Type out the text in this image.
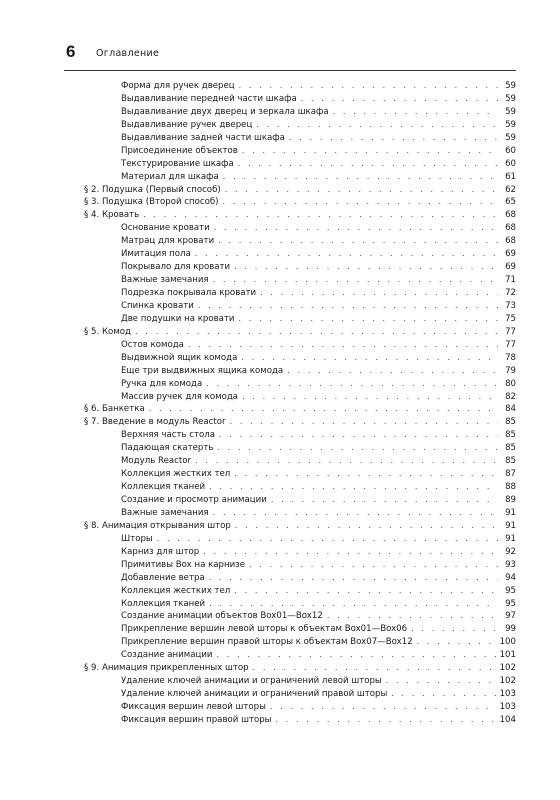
6 Оглавление
Форма для ручек дверец . . .	59
Выдавливание передней части шкафа . . .	59
Выдавливание двух дверец и зеркала шкафа . . .	59
Выдавливание ручек дверец . . .	59
Выдавливание задней части шкафа . . .	59
Присоединение объектов . . .	60
Текстурирование шкафа . . .	60
Материал для шкафа . . .	61
§ 2. Подушка (Первый способ) . . .	62
§ 3. Подушка (Второй способ) . . .	65
§ 4. Кровать . . .	68
Основание кровати . . .	68
Матрац для кровати . . .	68
Имитация пола . . .	69
Покрывало для кровати . . .	69
Важные замечания . . .	71
Подрезка покрывала кровати . . .	72
Спинка кровати . . .	73
Две подушки на кровати . . .	75
§ 5. Комод . . .	77
Остов комода . . .	77
Выдвижной ящик комода . . .	78
Еще три выдвижных ящика комода . . .	79
Ручка для комода . . .	80
Массив ручек для комода . . .	82
§ 6. Банкетка . . .	84
§ 7. Введение в модуль Reactor . . .	85
Верхняя часть стола . . .	85
Падающая скатерть . . .	85
Модуль Reactor . . .	85
Коллекция жестких тел . . .	87
Коллекция тканей . . .	88
Создание и просмотр анимации . . .	89
Важные замечания . . .	91
§ 8. Анимация открывания штор . . .	91
Шторы . . .	91
Карниз для штор . . .	92
Примитивы Box на карнизе . . .	93
Добавление ветра . . .	94
Коллекция жестких тел . . .	95
Коллекция тканей . . .	95
Создание анимации объектов Box01—Box12 . . .	97
Прикрепление вершин левой шторы к объектам Box01—Box06 . . .	99
Прикрепление вершин правой шторы к объектам Box07—Box12 . . .	100
Создание анимации . . .	101
§ 9. Анимация прикрепленных штор . . .	102
Удаление ключей анимации и ограничений левой шторы . . .	102
Удаление ключей анимации и ограничений правой шторы . . .	103
Фиксация вершин левой шторы . . .	103
Фиксация вершин правой шторы . . .	104
